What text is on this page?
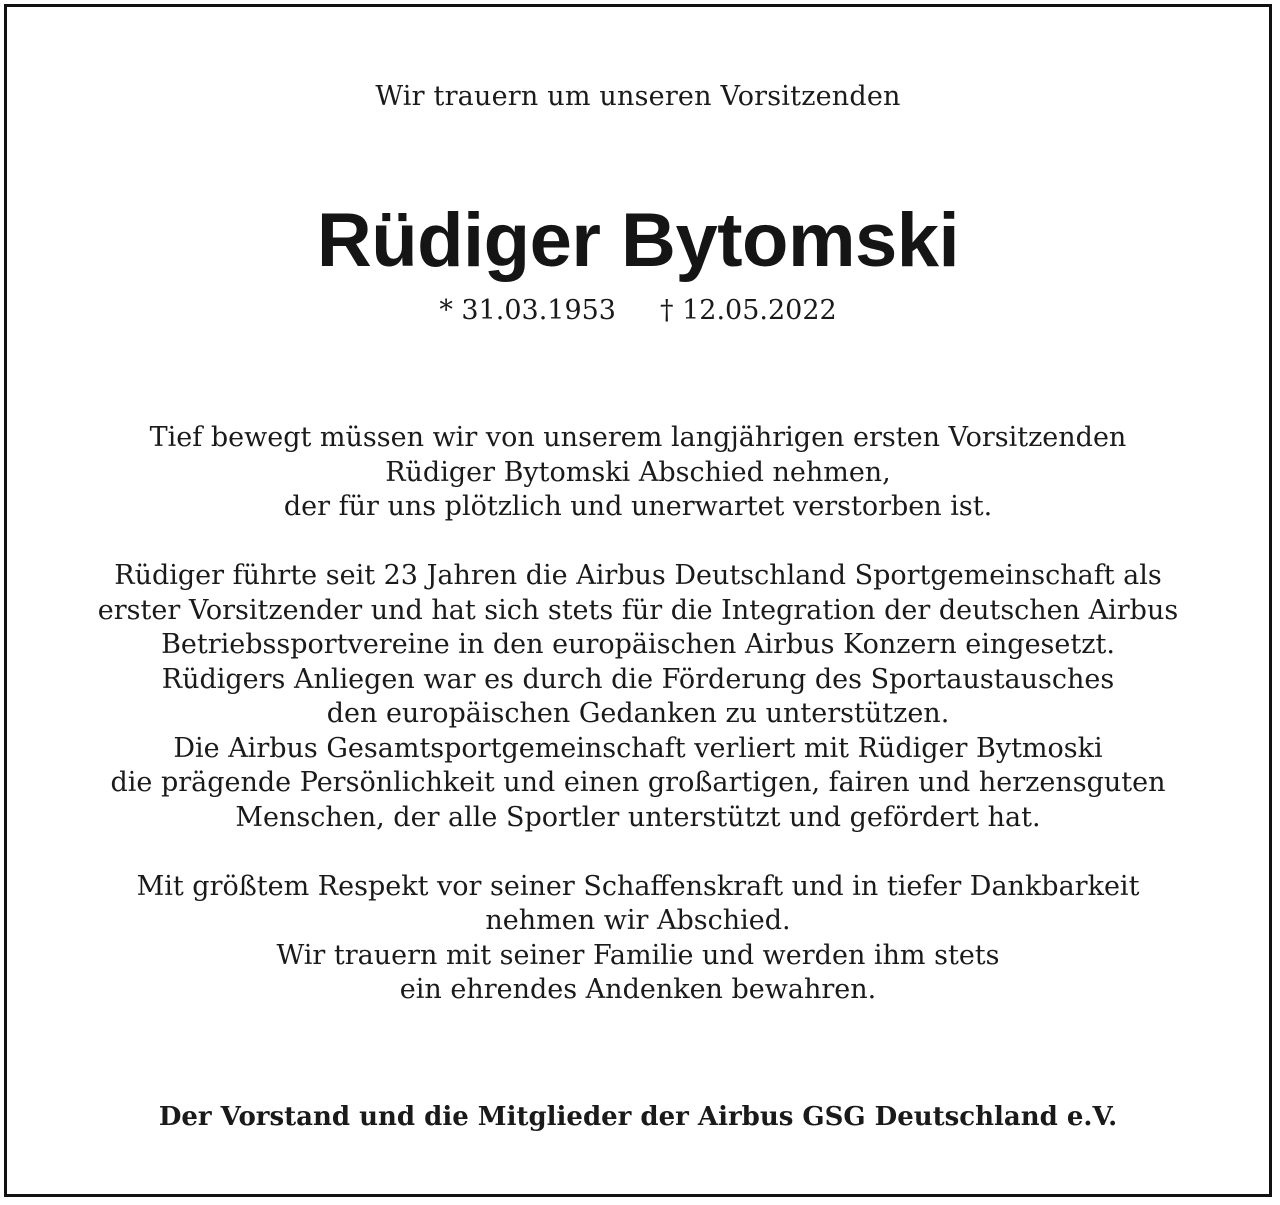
Wir trauern um unseren Vorsitzenden
Rüdiger Bytomski
* 31.03.1953 † 12.05.2022
Tief bewegt müssen wir von unserem langjährigen ersten Vorsitzenden
Rüdiger Bytomski Abschied nehmen,
der für uns plötzlich und unerwartet verstorben ist.
Rüdiger führte seit 23 Jahren die Airbus Deutschland Sportgemeinschaft als
erster Vorsitzender und hat sich stets für die Integration der deutschen Airbus
Betriebssportvereine in den europäischen Airbus Konzern eingesetzt.
Rüdigers Anliegen war es durch die Förderung des Sportaustausches
den europäischen Gedanken zu unterstützen.
Die Airbus Gesamtsportgemeinschaft verliert mit Rüdiger Bytmoski
die prägende Persönlichkeit und einen großartigen, fairen und herzensguten
Menschen, der alle Sportler unterstützt und gefördert hat.
Mit größtem Respekt vor seiner Schaffenskraft und in tiefer Dankbarkeit
nehmen wir Abschied.
Wir trauern mit seiner Familie und werden ihm stets
ein ehrendes Andenken bewahren.
Der Vorstand und die Mitglieder der Airbus GSG Deutschland e.V.
